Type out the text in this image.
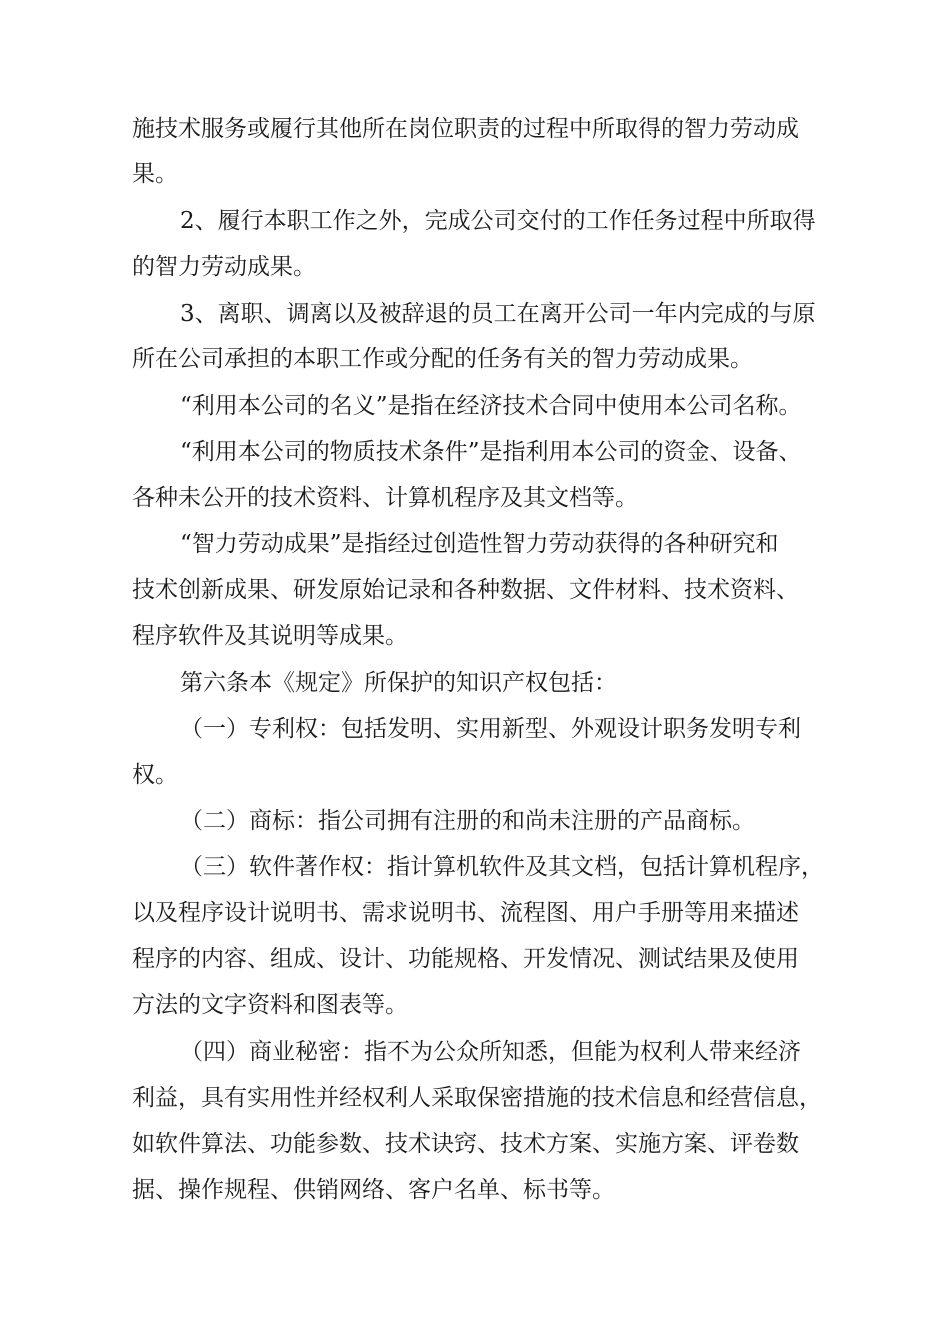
施技术服务或履行其他所在岗位职责的过程中所取得的智力劳动成
果。
2、履行本职工作之外，完成公司交付的工作任务过程中所取得
的智力劳动成果。
3、离职、调离以及被辞退的员工在离开公司一年内完成的与原
所在公司承担的本职工作或分配的任务有关的智力劳动成果。
“利用本公司的名义”是指在经济技术合同中使用本公司名称。
“利用本公司的物质技术条件”是指利用本公司的资金、设备、
各种未公开的技术资料、计算机程序及其文档等。
“智力劳动成果”是指经过创造性智力劳动获得的各种研究和
技术创新成果、研发原始记录和各种数据、文件材料、技术资料、
程序软件及其说明等成果。
第六条本《规定》所保护的知识产权包括：
（一）专利权：包括发明、实用新型、外观设计职务发明专利
权。
（二）商标：指公司拥有注册的和尚未注册的产品商标。
（三）软件著作权：指计算机软件及其文档，包括计算机程序，
以及程序设计说明书、需求说明书、流程图、用户手册等用来描述
程序的内容、组成、设计、功能规格、开发情况、测试结果及使用
方法的文字资料和图表等。
（四）商业秘密：指不为公众所知悉，但能为权利人带来经济
利益，具有实用性并经权利人采取保密措施的技术信息和经营信息，
如软件算法、功能参数、技术诀窍、技术方案、实施方案、评卷数
据、操作规程、供销网络、客户名单、标书等。
